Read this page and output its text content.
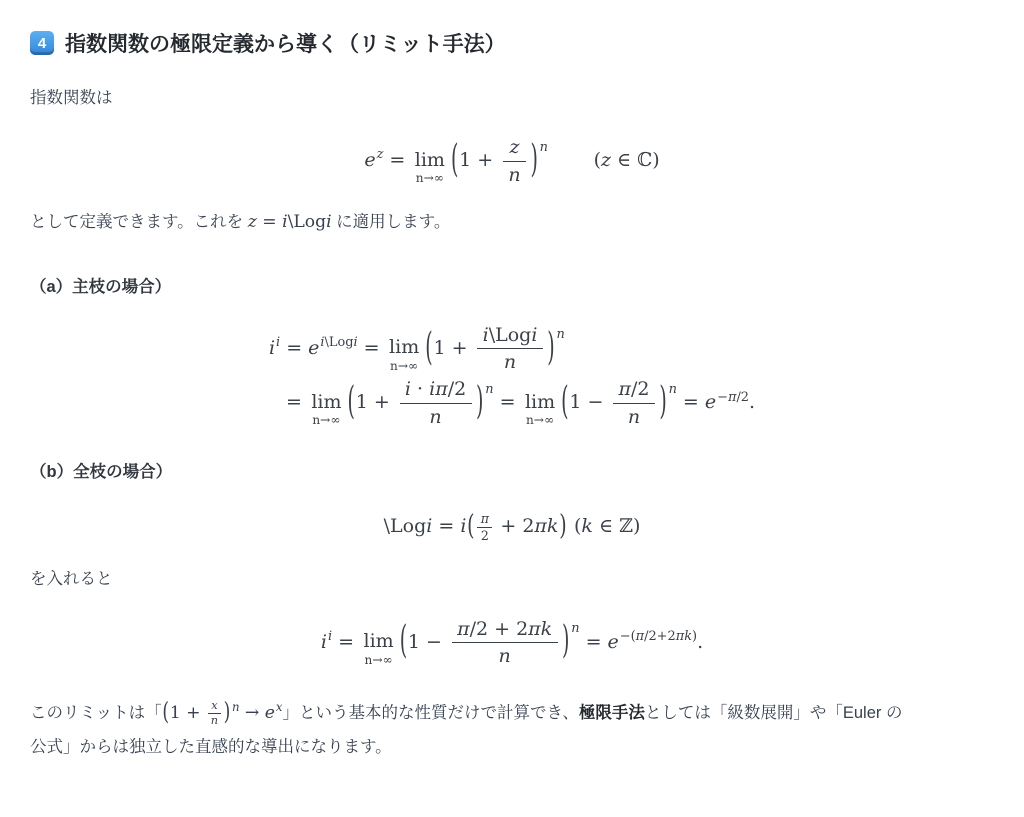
4 指数関数の極限定義から導く（リミット手法）

指数関数は

$e^z = \lim$
n→∞ ($1 + \frac{z}{n}$ ) $^n$(z ∈ ℂ)

として定義できます。これを z = i\Logi に適用します。

（a）主枝の場合）

$i^i = e^{i\backslash Logi} = \lim$
n→∞ (1 +
i\Logi
n	) $^n$
= lim
n→∞ ($1 + \frac{i \cdot i\pi/2}{n}$ ) $^n$ = lim
n→∞ ($1 - \frac{\pi/2}{n}$ ) $^n = e^{-\pi/2}$.

（b）全枝の場合）

\Logi = $i( \frac{\pi}{2} + 2\pi k)$ (k ∈ ℤ)

を入れると

$i^i = \lim$
n→∞ ($1 - \frac{\pi/2 + 2\pi k}{n}$ ) $^n = e^{-(\pi/2+2\pi k)}$.

このリミットは「($1 + \frac{x}{n}$ ) $^n \to e^x$」という基本的な性質だけで計算でき、極限手法としては「級数展開」や「Euler の
公式」からは独立した直感的な導出になります。
